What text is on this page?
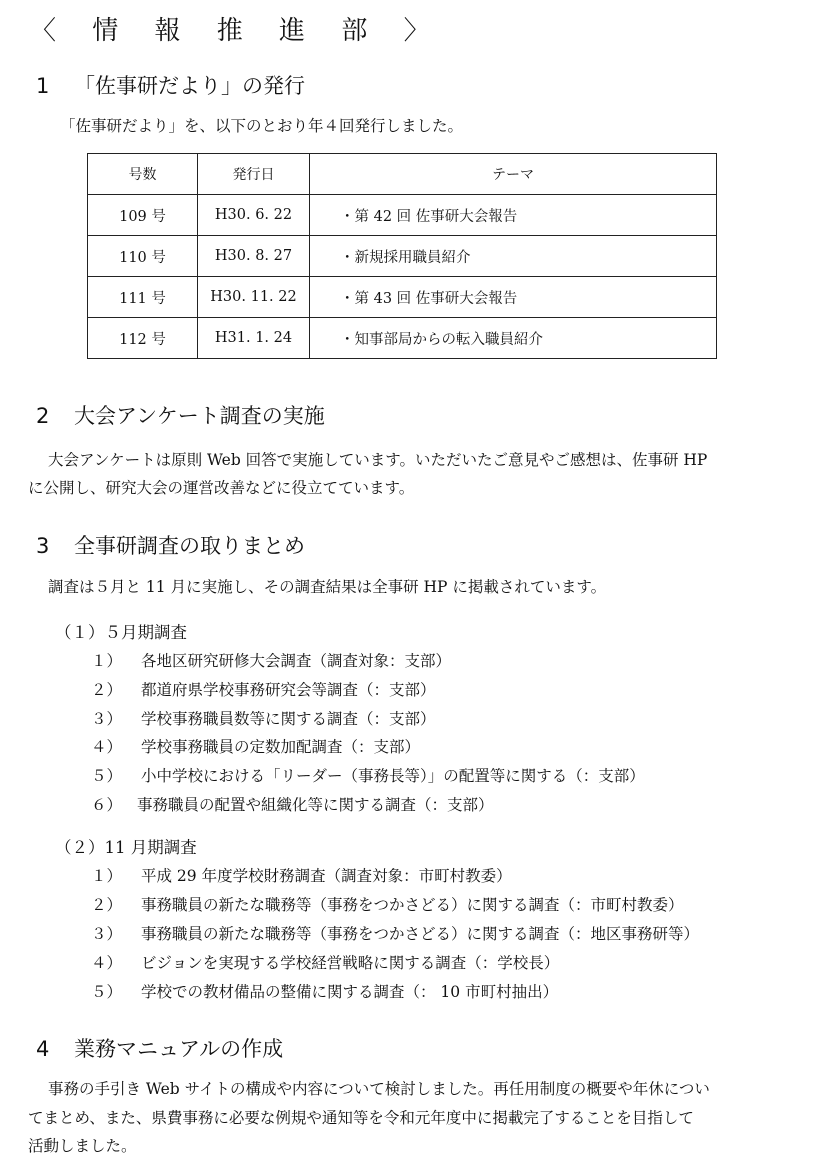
〈 情 報 推 進 部 〉
1 「佐事研だより」の発行
「佐事研だより」を、以下のとおり年４回発行しました。
号数	発行日	テーマ
109 号	H30. 6. 22	・第 42 回 佐事研大会報告
110 号	H30. 8. 27	・新規採用職員紹介
111 号	H30. 11. 22	・第 43 回 佐事研大会報告
112 号	H31. 1. 24	・知事部局からの転入職員紹介
2 大会アンケート調査の実施
大会アンケートは原則 Web 回答で実施しています。いただいたご意見やご感想は、佐事研 HP
に公開し、研究大会の運営改善などに役立てています。
3 全事研調査の取りまとめ
調査は５月と 11 月に実施し、その調査結果は全事研 HP に掲載されています。
（１）５月期調査
１） 各地区研究研修大会調査（調査対象：支部）
２） 都道府県学校事務研究会等調査（：支部）
３） 学校事務職員数等に関する調査（：支部）
４） 学校事務職員の定数加配調査（：支部）
５） 小中学校における「リーダー（事務長等）」の配置等に関する（：支部）
６） 事務職員の配置や組織化等に関する調査（：支部）
（２）11 月期調査
１） 平成 29 年度学校財務調査（調査対象：市町村教委）
２） 事務職員の新たな職務等（事務をつかさどる）に関する調査（：市町村教委）
３） 事務職員の新たな職務等（事務をつかさどる）に関する調査（：地区事務研等）
４） ビジョンを実現する学校経営戦略に関する調査（：学校長）
５） 学校での教材備品の整備に関する調査（： 10 市町村抽出）
4 業務マニュアルの作成
事務の手引き Web サイトの構成や内容について検討しました。再任用制度の概要や年休につい
てまとめ、また、県費事務に必要な例規や通知等を令和元年度中に掲載完了することを目指して
活動しました。
